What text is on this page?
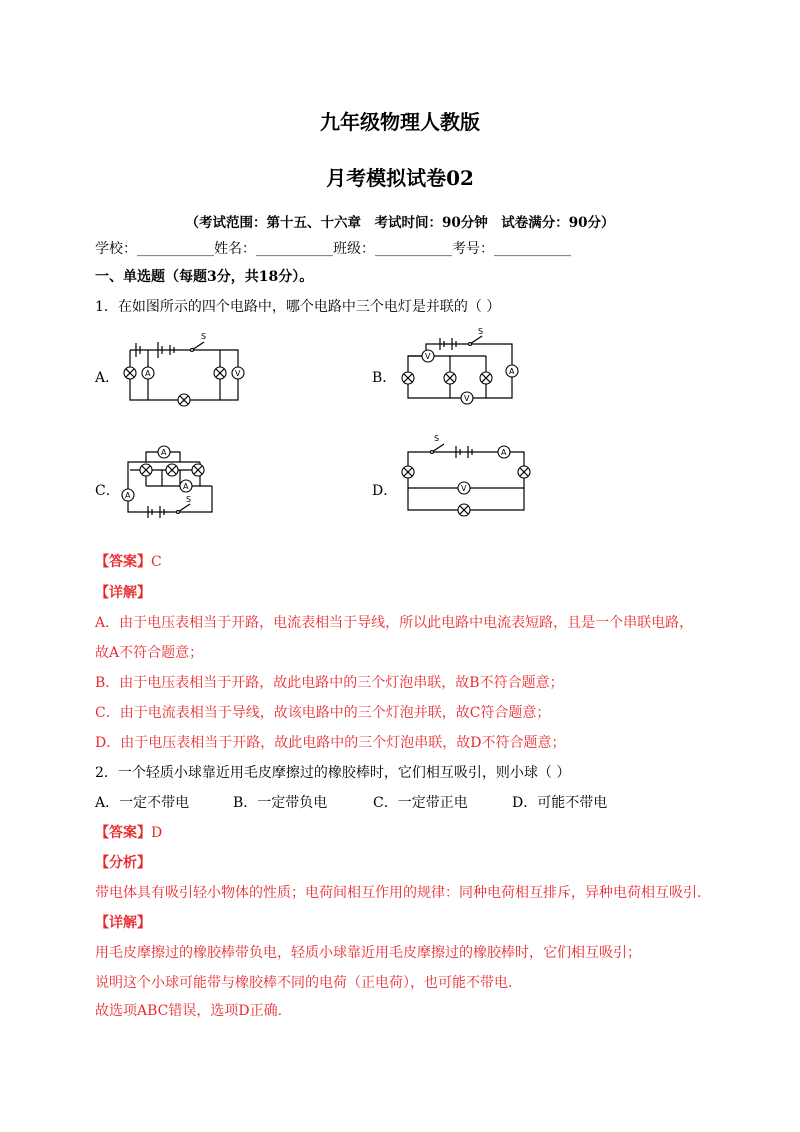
九年级物理人教版
月考模拟试卷02
（考试范围：第十五、十六章　考试时间：90分钟　试卷满分：90分）
学校：___________姓名：___________班级：___________考号：___________
一、单选题（每题3分，共18分）。
1．在如图所示的四个电路中，哪个电路中三个电灯是并联的（ ）
A．	B．
C．	D．
S
A	V
S
V
A
V
A
A
A	S
S
A
V
【答案】C
【详解】
A．由于电压表相当于开路，电流表相当于导线，所以此电路中电流表短路，且是一个串联电路，
故A不符合题意；
B．由于电压表相当于开路，故此电路中的三个灯泡串联，故B不符合题意；
C．由于电流表相当于导线，故该电路中的三个灯泡并联，故C符合题意；
D．由于电压表相当于开路，故此电路中的三个灯泡串联，故D不符合题意；
2．一个轻质小球靠近用毛皮摩擦过的橡胶棒时，它们相互吸引，则小球（ ）
A．一定不带电	B．一定带负电	C．一定带正电	D．可能不带电
【答案】D
【分析】
带电体具有吸引轻小物体的性质；电荷间相互作用的规律：同种电荷相互排斥，异种电荷相互吸引.
【详解】
用毛皮摩擦过的橡胶棒带负电，轻质小球靠近用毛皮摩擦过的橡胶棒时，它们相互吸引；
说明这个小球可能带与橡胶棒不同的电荷（正电荷），也可能不带电.
故选项ABC错误，选项D正确.
